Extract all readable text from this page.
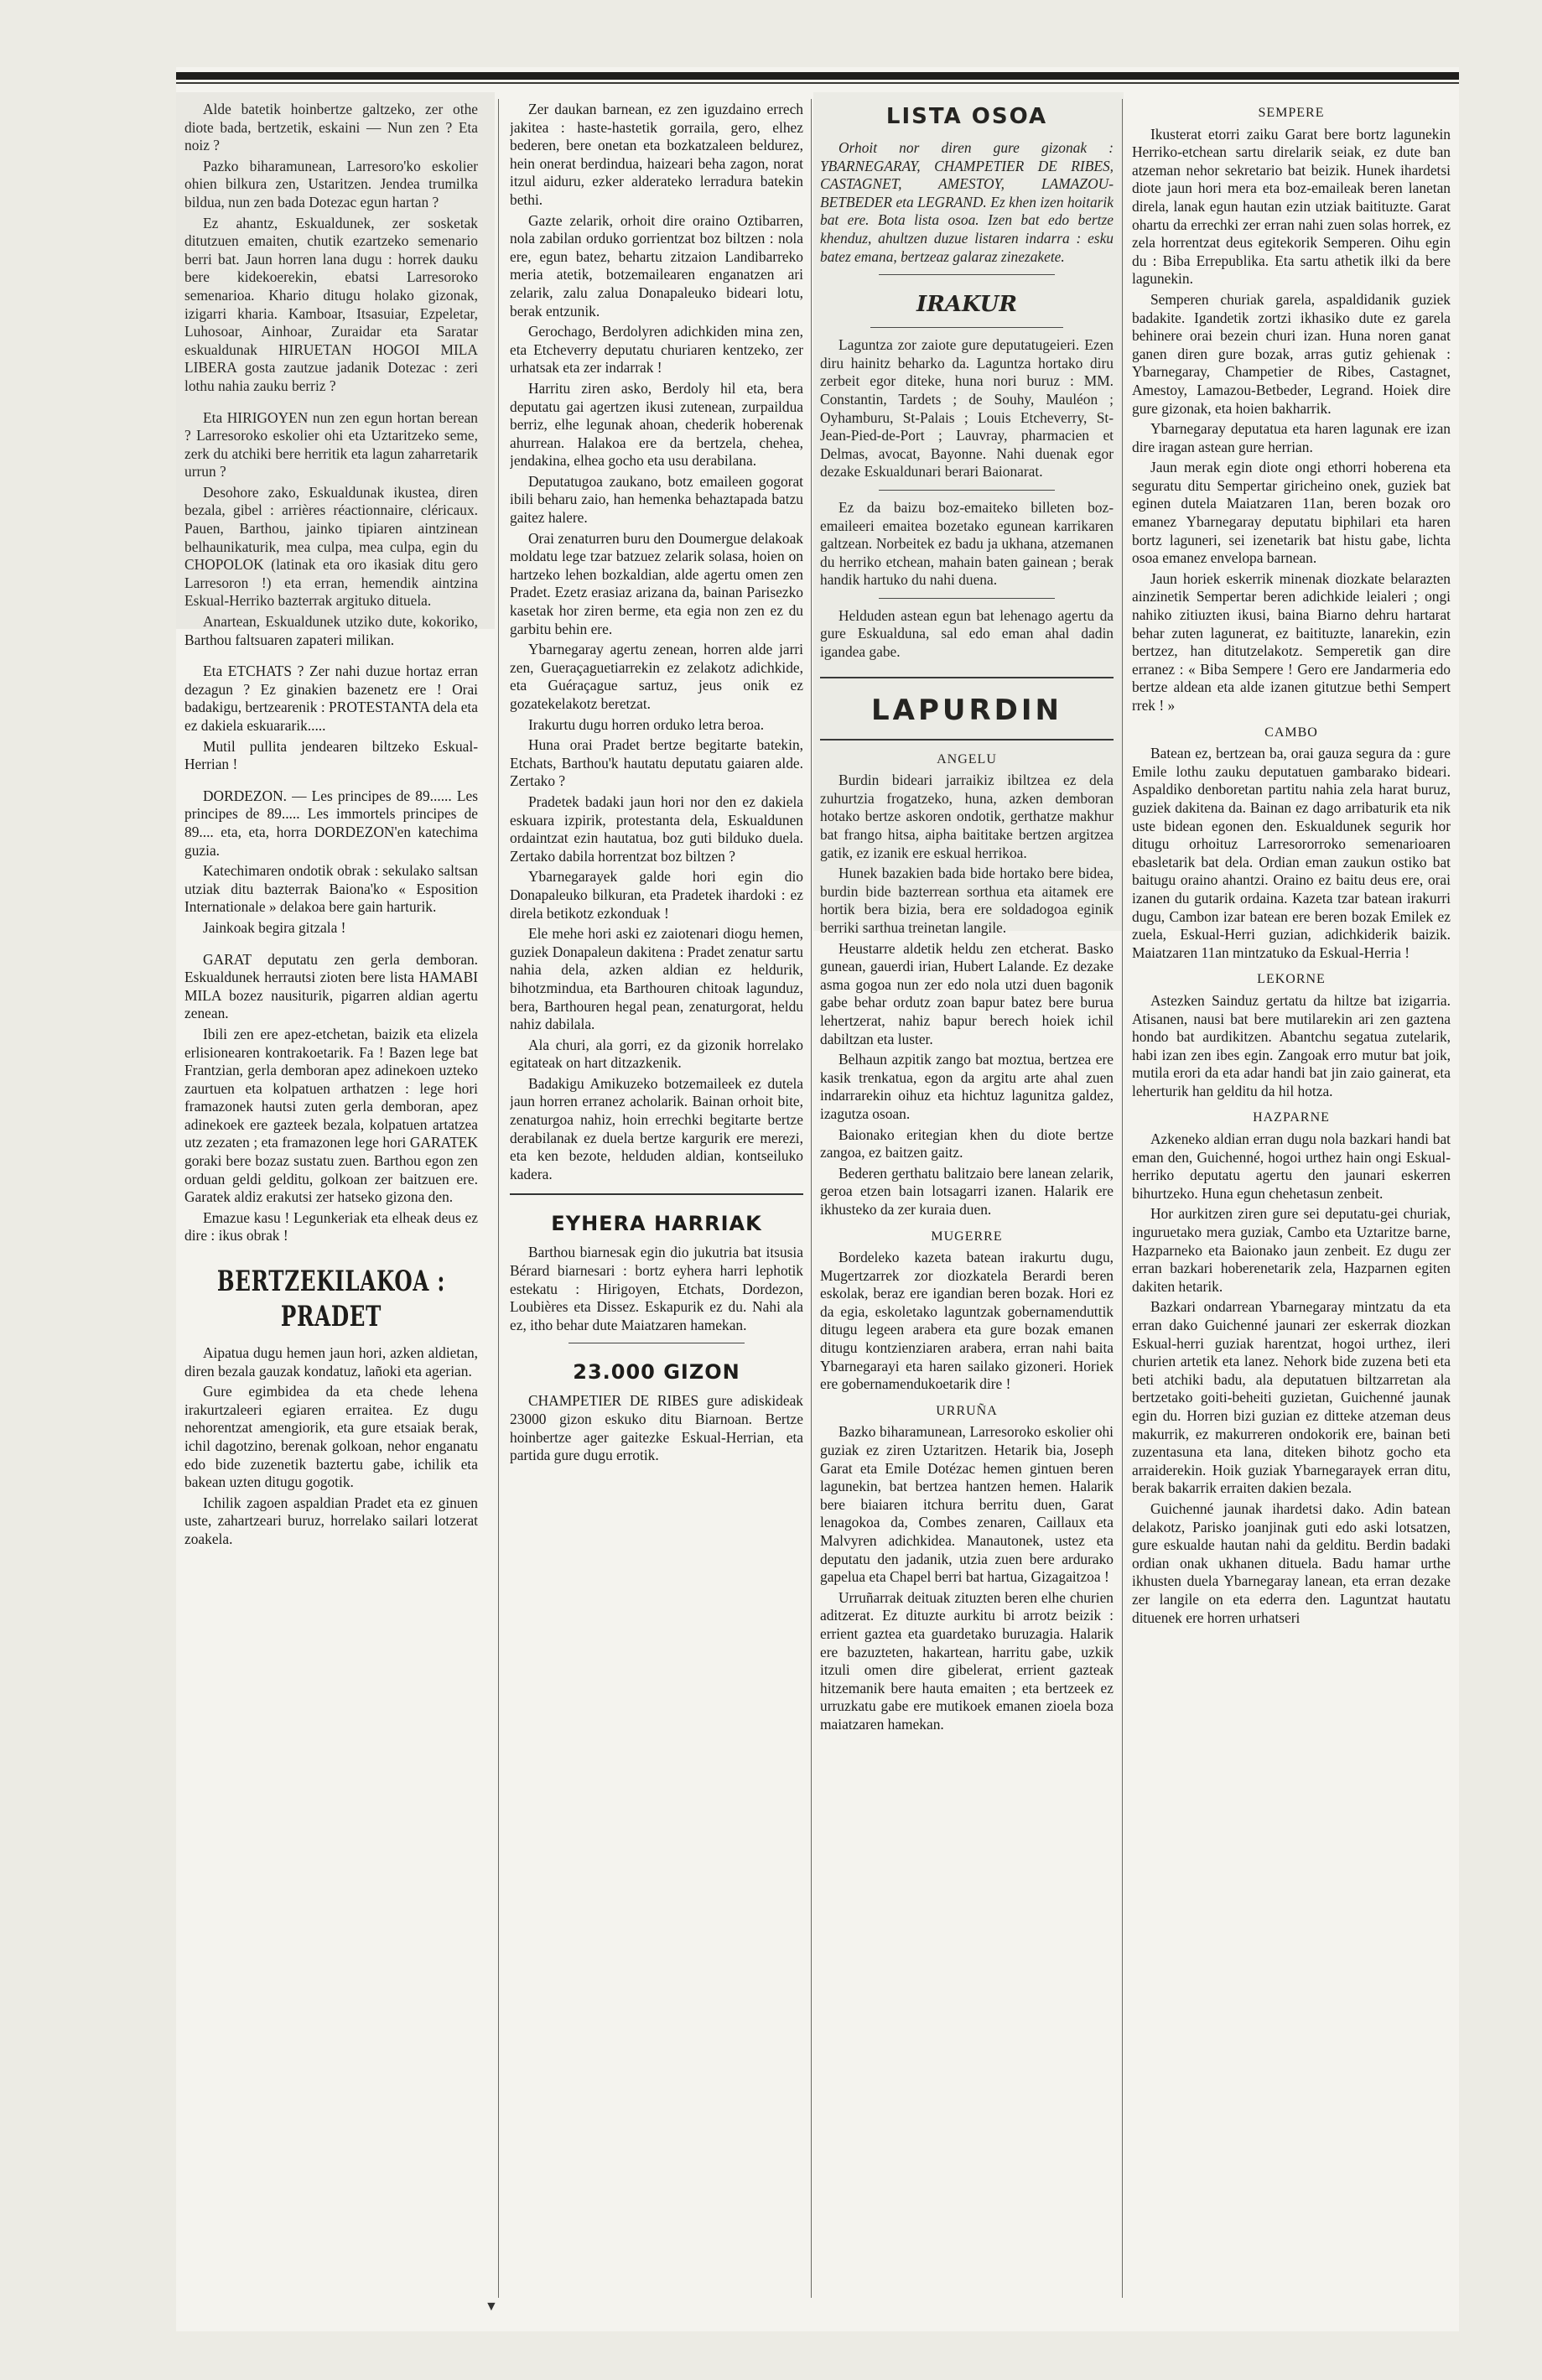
Alde batetik hoinbertze galtzeko, zer othe diote bada, bertzetik, eskaini — Nun zen ? Eta noiz ?

Pazko biharamunean, Larresoro'ko eskolier ohien bilkura zen, Ustaritzen. Jendea trumilka bildua, nun zen bada Dotezac egun hartan ?

Ez ahantz, Eskualdunek, zer sosketak ditutzuen emaiten, chutik ezartzeko semenario berri bat. Jaun horren lana dugu : horrek dauku bere kidekoerekin, ebatsi Larresoroko semenarioa. Khario ditugu holako gizonak, izigarri kharia. Kamboar, Itsasuiar, Ezpeletar, Luhosoar, Ainhoar, Zuraidar eta Saratar eskualdunak HIRUETAN HOGOI MILA LIBERA gosta zautzue jadanik Dotezac : zeri lothu nahia zauku berriz ?

Eta HIRIGOYEN nun zen egun hortan berean ? Larresoroko eskolier ohi eta Uztaritzeko seme, zerk du atchiki bere herritik eta lagun zaharretarik urrun ?

Desohore zako, Eskualdunak ikustea, diren bezala, gibel : arrières réactionnaire, cléricaux. Pauen, Barthou, jainko tipiaren aintzinean belhaunikaturik, mea culpa, mea culpa, egin du CHOPOLOK (latinak eta oro ikasiak ditu gero Larresoron !) eta erran, hemendik aintzina Eskual-Herriko bazterrak argituko dituela.

Anartean, Eskualdunek utziko dute, kokoriko, Barthou faltsuaren zapateri milikan.

Eta ETCHATS ? Zer nahi duzue hortaz erran dezagun ? Ez ginakien bazenetz ere ! Orai badakigu, bertzearenik : PROTESTANTA dela eta ez dakiela eskuararik.....

Mutil pullita jendearen biltzeko Eskual-Herrian !

DORDEZON. — Les principes de 89...... Les principes de 89..... Les immortels principes de 89.... eta, eta, horra DORDEZON'en katechima guzia.

Katechimaren ondotik obrak : sekulako saltsan utziak ditu bazterrak Baiona'ko « Esposition Internationale » delakoa bere gain harturik.

Jainkoak begira gitzala !

GARAT deputatu zen gerla demboran. Eskualdunek herrautsi zioten bere lista HAMABI MILA bozez nausiturik, pigarren aldian agertu zenean.

Ibili zen ere apez-etchetan, baizik eta elizela erlisionearen kontrakoetarik. Fa ! Bazen lege bat Frantzian, gerla demboran apez adinekoen uzteko zaurtuen eta kolpatuen arthatzen : lege hori framazonek hautsi zuten gerla demboran, apez adinekoek ere gazteek bezala, kolpatuen artatzea utz zezaten ; eta framazonen lege hori GARATEK goraki bere bozaz sustatu zuen. Barthou egon zen orduan geldi gelditu, golkoan zer baitzuen ere. Garatek aldiz erakutsi zer hatseko gizona den.

Emazue kasu ! Legunkeriak eta elheak deus ez dire : ikus obrak !

BERTZEKILAKOA : PRADET

Aipatua dugu hemen jaun hori, azken aldietan, diren bezala gauzak kondatuz, lañoki eta agerian.

Gure egimbidea da eta chede lehena irakurtzaleeri egiaren erraitea. Ez dugu nehorentzat amengiorik, eta gure etsaiak berak, ichil dagotzino, berenak golkoan, nehor enganatu edo bide zuzenetik baztertu gabe, ichilik eta bakean uzten ditugu gogotik.

Ichilik zagoen aspaldian Pradet eta ez ginuen uste, zahartzeari buruz, horrelako sailari lotzerat zoakela.

Zer daukan barnean, ez zen iguzdaino errech jakitea : haste-hastetik gorraila, gero, elhez bederen, bere onetan eta bozkatzaleen beldurez, hein onerat berdindua, haizeari beha zagon, norat itzul aiduru, ezker alderateko lerradura batekin bethi.

Gazte zelarik, orhoit dire oraino Oztibarren, nola zabilan orduko gorrientzat boz biltzen : nola ere, egun batez, behartu zitzaion Landibarreko meria atetik, botzemailearen enganatzen ari zelarik, zalu zalua Donapaleuko bideari lotu, berak entzunik.

Gerochago, Berdolyren adichkiden mina zen, eta Etcheverry deputatu churiaren kentzeko, zer urhatsak eta zer indarrak !

Harritu ziren asko, Berdoly hil eta, bera deputatu gai agertzen ikusi zutenean, zurpaildua berriz, elhe legunak ahoan, chederik hoberenak ahurrean. Halakoa ere da bertzela, chehea, jendakina, elhea gocho eta usu derabilana.

Deputatugoa zaukano, botz emaileen gogorat ibili beharu zaio, han hemenka behaztapada batzu gaitez halere.

Orai zenaturren buru den Doumergue delakoak moldatu lege tzar batzuez zelarik solasa, hoien on hartzeko lehen bozkaldian, alde agertu omen zen Pradet. Ezetz erasiaz arizana da, bainan Parisezko kasetak hor ziren berme, eta egia non zen ez du garbitu behin ere.

Ybarnegaray agertu zenean, horren alde jarri zen, Gueraçaguetiarrekin ez zelakotz adichkide, eta Guéraçague sartuz, jeus onik ez gozatekelakotz beretzat.

Irakurtu dugu horren orduko letra beroa.

Huna orai Pradet bertze begitarte batekin, Etchats, Barthou'k hautatu deputatu gaiaren alde. Zertako ?

Pradetek badaki jaun hori nor den ez dakiela eskuara izpirik, protestanta dela, Eskualdunen ordaintzat ezin hautatua, boz guti bilduko duela. Zertako dabila horrentzat boz biltzen ?

Ybarnegarayek galde hori egin dio Donapaleuko bilkuran, eta Pradetek ihardoki : ez direla betikotz ezkonduak !

Ele mehe hori aski ez zaiotenari diogu hemen, guziek Donapaleun dakitena : Pradet zenatur sartu nahia dela, azken aldian ez heldurik, bihotzmindua, eta Barthouren chitoak lagunduz, bera, Barthouren hegal pean, zenaturgorat, heldu nahiz dabilala.

Ala churi, ala gorri, ez da gizonik horrelako egitateak on hart ditzazkenik.

Badakigu Amikuzeko botzemaileek ez dutela jaun horren erranez acholarik. Bainan orhoit bite, zenaturgoa nahiz, hoin errechki begitarte bertze derabilanak ez duela bertze kargurik ere merezi, eta ken bezote, helduden aldian, kontseiluko kadera.

EYHERA HARRIAK

Barthou biarnesak egin dio jukutria bat itsusia Bérard biarnesari : bortz eyhera harri lephotik estekatu : Hirigoyen, Etchats, Dordezon, Loubières eta Dissez. Eskapurik ez du. Nahi ala ez, itho behar dute Maiatzaren hamekan.

23.000 GIZON

CHAMPETIER DE RIBES gure adiskideak 23000 gizon eskuko ditu Biarnoan. Bertze hoinbertze ager gaitezke Eskual-Herrian, eta partida gure dugu errotik.

LISTA OSOA

Orhoit nor diren gure gizonak : YBARNEGARAY, CHAMPETIER DE RIBES, CASTAGNET, AMESTOY, LAMAZOU-BETBEDER eta LEGRAND. Ez khen izen hoitarik bat ere. Bota lista osoa. Izen bat edo bertze khenduz, ahultzen duzue listaren indarra : esku batez emana, bertzeaz galaraz zinezakete.

IRAKUR

Laguntza zor zaiote gure deputatugeieri. Ezen diru hainitz beharko da. Laguntza hortako diru zerbeit egor diteke, huna nori buruz : MM. Constantin, Tardets ; de Souhy, Mauléon ; Oyhamburu, St-Palais ; Louis Etcheverry, St-Jean-Pied-de-Port ; Lauvray, pharmacien et Delmas, avocat, Bayonne. Nahi duenak egor dezake Eskualdunari berari Baionarat.

Ez da baizu boz-emaiteko billeten boz-emaileeri emaitea bozetako egunean karrikaren galtzean. Norbeitek ez badu ja ukhana, atzemanen du herriko etchean, mahain baten gainean ; berak handik hartuko du nahi duena.

Helduden astean egun bat lehenago agertu da gure Eskualduna, sal edo eman ahal dadin igandea gabe.

LAPURDIN
ANGELU

Burdin bideari jarraikiz ibiltzea ez dela zuhurtzia frogatzeko, huna, azken demboran hotako bertze askoren ondotik, gerthatze makhur bat frango hitsa, aipha baititake bertzen argitzea gatik, ez izanik ere eskual herrikoa.

Hunek bazakien bada bide hortako bere bidea, burdin bide bazterrean sorthua eta aitamek ere hortik bera bizia, bera ere soldadogoa eginik berriki sarthua treinetan langile.

Heustarre aldetik heldu zen etcherat. Basko gunean, gauerdi irian, Hubert Lalande. Ez dezake asma gogoa nun zer edo nola utzi duen bagonik gabe behar ordutz zoan bapur batez bere burua lehertzerat, nahiz bapur berech hoiek ichil dabiltzan eta luster.

Belhaun azpitik zango bat moztua, bertzea ere kasik trenkatua, egon da argitu arte ahal zuen indarrarekin oihuz eta hichtuz lagunitza galdez, izagutza osoan.

Baionako eritegian khen du diote bertze zangoa, ez baitzen gaitz.

Bederen gerthatu balitzaio bere lanean zelarik, geroa etzen bain lotsagarri izanen. Halarik ere ikhusteko da zer kuraia duen.

MUGERRE

Bordeleko kazeta batean irakurtu dugu, Mugertzarrek zor diozkatela Berardi beren eskolak, beraz ere igandian beren bozak. Hori ez da egia, eskoletako laguntzak gobernamenduttik ditugu legeen arabera eta gure bozak emanen ditugu kontzienziaren arabera, erran nahi baita Ybarnegarayi eta haren sailako gizoneri. Horiek ere gobernamendukoetarik dire !

URRUÑA

Bazko biharamunean, Larresoroko eskolier ohi guziak ez ziren Uztaritzen. Hetarik bia, Joseph Garat eta Emile Dotézac hemen gintuen beren lagunekin, bat bertzea hantzen hemen. Halarik bere biaiaren itchura berritu duen, Garat lenagokoa da, Combes zenaren, Caillaux eta Malvyren adichkidea. Manautonek, ustez eta deputatu den jadanik, utzia zuen bere ardurako gapelua eta Chapel berri bat hartua, Gizagaitzoa !

Urruñarrak deituak zituzten beren elhe churien aditzerat. Ez dituzte aurkitu bi arrotz beizik : errient gaztea eta guardetako buruzagia. Halarik ere bazuzteten, hakartean, harritu gabe, uzkik itzuli omen dire gibelerat, errient gazteak hitzemanik bere hauta emaiten ; eta bertzeek ez urruzkatu gabe ere mutikoek emanen zioela boza maiatzaren hamekan.

SEMPERE

Ikusterat etorri zaiku Garat bere bortz lagunekin Herriko-etchean sartu direlarik seiak, ez dute ban atzeman nehor sekretario bat beizik. Hunek ihardetsi diote jaun hori mera eta boz-emaileak beren lanetan direla, lanak egun hautan ezin utziak baitituzte. Garat ohartu da errechki zer erran nahi zuen solas horrek, ez zela horrentzat deus egitekorik Semperen. Oihu egin du : Biba Errepublika. Eta sartu athetik ilki da bere lagunekin.

Semperen churiak garela, aspaldidanik guziek badakite. Igandetik zortzi ikhasiko dute ez garela behinere orai bezein churi izan. Huna noren ganat ganen diren gure bozak, arras gutiz gehienak : Ybarnegaray, Champetier de Ribes, Castagnet, Amestoy, Lamazou-Betbeder, Legrand. Hoiek dire gure gizonak, eta hoien bakharrik.

Ybarnegaray deputatua eta haren lagunak ere izan dire iragan astean gure herrian.

Jaun merak egin diote ongi ethorri hoberena eta seguratu ditu Sempertar giricheino onek, guziek bat eginen dutela Maiatzaren 11an, beren bozak oro emanez Ybarnegaray deputatu biphilari eta haren bortz laguneri, sei izenetarik bat histu gabe, lichta osoa emanez envelopa barnean.

Jaun horiek eskerrik minenak diozkate belarazten ainzinetik Sempertar beren adichkide leialeri ; ongi nahiko zitiuzten ikusi, baina Biarno dehru hartarat behar zuten lagunerat, ez baitituzte, lanarekin, ezin bertzez, han ditutzelakotz. Semperetik gan dire erranez : « Biba Sempere ! Gero ere Jandarmeria edo bertze aldean eta alde izanen gitutzue bethi Sempert rrek ! »

CAMBO

Batean ez, bertzean ba, orai gauza segura da : gure Emile lothu zauku deputatuen gambarako bideari. Aspaldiko denboretan partitu nahia zela harat buruz, guziek dakitena da. Bainan ez dago arribaturik eta nik uste bidean egonen den. Eskualdunek segurik hor ditugu orhoituz Larresororroko semenarioaren ebasletarik bat dela. Ordian eman zaukun ostiko bat baitugu oraino ahantzi. Oraino ez baitu deus ere, orai izanen du gutarik ordaina. Kazeta tzar batean irakurri dugu, Cambon izar batean ere beren bozak Emilek ez zuela, Eskual-Herri guzian, adichkiderik baizik. Maiatzaren 11an mintzatuko da Eskual-Herria !

LEKORNE

Astezken Sainduz gertatu da hiltze bat izigarria. Atisanen, nausi bat bere mutilarekin ari zen gaztena hondo bat aurdikitzen. Abantchu segatua zutelarik, habi izan zen ibes egin. Zangoak erro mutur bat joik, mutila erori da eta adar handi bat jin zaio gainerat, eta leherturik han gelditu da hil hotza.

HAZPARNE

Azkeneko aldian erran dugu nola bazkari handi bat eman den, Guichenné, hogoi urthez hain ongi Eskual-herriko deputatu agertu den jaunari eskerren bihurtzeko. Huna egun chehetasun zenbeit.

Hor aurkitzen ziren gure sei deputatu-gei churiak, inguruetako mera guziak, Cambo eta Uztaritze barne, Hazparneko eta Baionako jaun zenbeit. Ez dugu zer erran bazkari hoberenetarik zela, Hazparnen egiten dakiten hetarik.

Bazkari ondarrean Ybarnegaray mintzatu da eta erran dako Guichenné jaunari zer eskerrak diozkan Eskual-herri guziak harentzat, hogoi urthez, ileri churien artetik eta lanez. Nehork bide zuzena beti eta beti atchiki badu, ala deputatuen biltzarretan ala bertzetako goiti-beheiti guzietan, Guichenné jaunak egin du. Horren bizi guzian ez ditteke atzeman deus makurrik, ez makurreren ondokorik ere, bainan beti zuzentasuna eta lana, diteken bihotz gocho eta arraiderekin. Hoik guziak Ybarnegarayek erran ditu, berak bakarrik erraiten dakien bezala.

Guichenné jaunak ihardetsi dako. Adin batean delakotz, Parisko joanjinak guti edo aski lotsatzen, gure eskualde hautan nahi da gelditu. Berdin badaki ordian onak ukhanen dituela. Badu hamar urthe ikhusten duela Ybarnegaray lanean, eta erran dezake zer langile on eta ederra den. Laguntzat hautatu dituenek ere horren urhatseri

▼
